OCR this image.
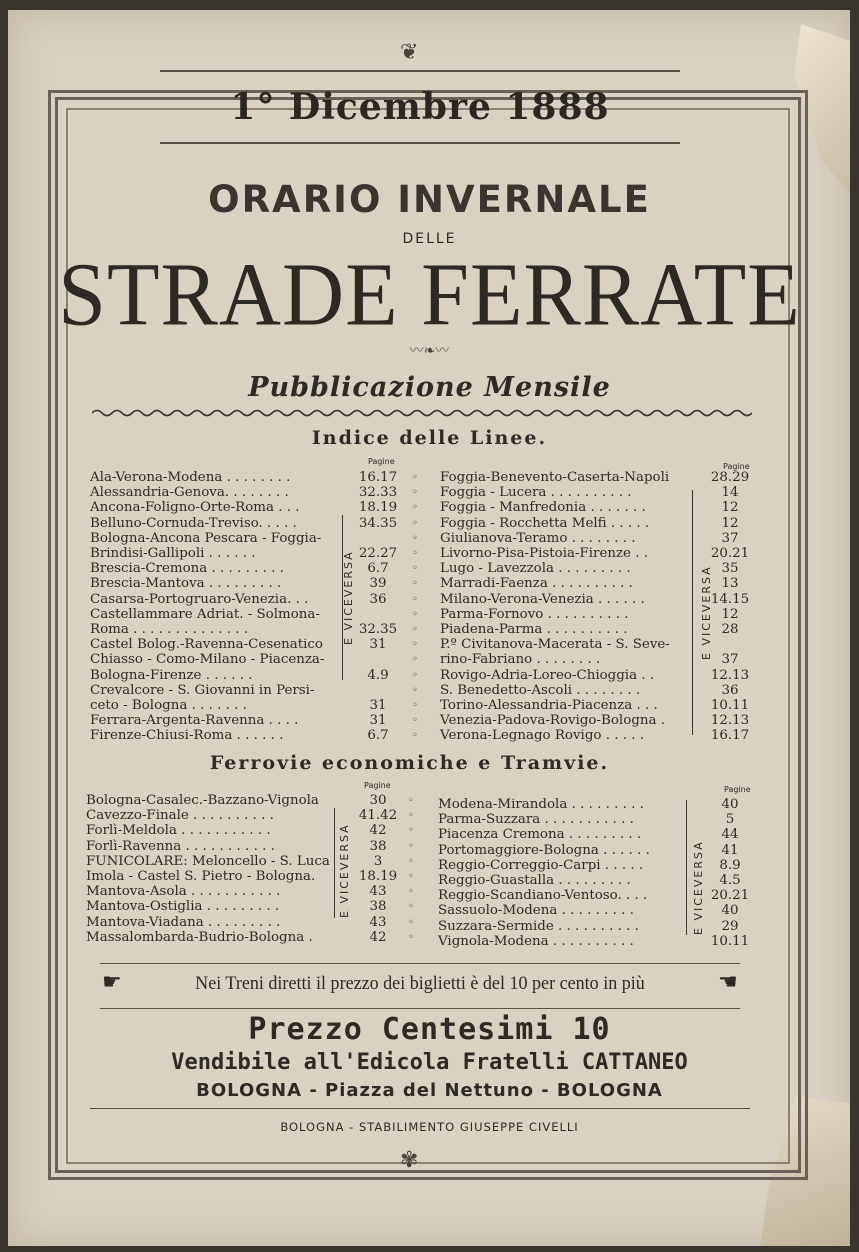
❦
1° Dicembre 1888
ORARIO INVERNALE
DELLE
STRADE FERRATE
〰❧〰
Pubblicazione Mensile
Indice delle Linee.
Pagine
Ala-Verona-Modena . . . . . . . .	16.17	◦
Alessandria-Genova. . . . . . . .	32.33	◦
Ancona-Foligno-Orte-Roma . . .	18.19	◦
Belluno-Cornuda-Treviso. . . . .	34.35	◦
Bologna-Ancona Pescara - Foggia-	◦
Brindisi-Gallipoli . . . . . .	22.27	◦
Brescia-Cremona . . . . . . . . .	6.7	◦
Brescia-Mantova . . . . . . . . .	39	◦
Casarsa-Portogruaro-Venezia. . .	36	◦
Castellammare Adriat. - Solmona-	◦
Roma . . . . . . . . . . . . . .	32.35	◦
Castel Bolog.-Ravenna-Cesenatico	31	◦
Chiasso - Como-Milano - Piacenza-	◦
Bologna-Firenze . . . . . .	4.9	◦
Crevalcore - S. Giovanni in Persi-	◦
ceto - Bologna . . . . . . .	31	◦
Ferrara-Argenta-Ravenna . . . .	31	◦
Firenze-Chiusi-Roma . . . . . .	6.7	◦
Pagine
Foggia-Benevento-Caserta-Napoli	28.29
Foggia - Lucera . . . . . . . . . .	14
Foggia - Manfredonia . . . . . . .	12
Foggia - Rocchetta Melfi . . . . .	12
Giulianova-Teramo . . . . . . . .	37
Livorno-Pisa-Pistoia-Firenze . .	20.21
Lugo - Lavezzola . . . . . . . . .	35
Marradi-Faenza . . . . . . . . . .	13
Milano-Verona-Venezia . . . . . .	14.15
Parma-Fornovo . . . . . . . . . .	12
Piadena-Parma . . . . . . . . . .	28
P.º Civitanova-Macerata - S. Seve-
rino-Fabriano . . . . . . . .	37
Rovigo-Adria-Loreo-Chioggia . .	12.13
S. Benedetto-Ascoli . . . . . . . .	36
Torino-Alessandria-Piacenza . . .	10.11
Venezia-Padova-Rovigo-Bologna .	12.13
Verona-Legnago Rovigo . . . . .	16.17
E VICEVERSA	E VICEVERSA
Ferrovie economiche e Tramvie.
Pagine
Bologna-Casalec.-Bazzano-Vignola	30	◦
Cavezzo-Finale . . . . . . . . . .	41.42	◦
Forlì-Meldola . . . . . . . . . . .	42	◦
Forlì-Ravenna . . . . . . . . . . .	38	◦
FUNICOLARE: Meloncello - S. Luca	3	◦
Imola - Castel S. Pietro - Bologna.	18.19	◦
Mantova-Asola . . . . . . . . . . .	43	◦
Mantova-Ostiglia . . . . . . . . .	38	◦
Mantova-Viadana . . . . . . . . .	43	◦
Massalombarda-Budrio-Bologna .	42	◦
Pagine
Modena-Mirandola . . . . . . . . .	40
Parma-Suzzara . . . . . . . . . . .	5
Piacenza Cremona . . . . . . . . .	44
Portomaggiore-Bologna . . . . . .	41
Reggio-Correggio-Carpi . . . . .	8.9
Reggio-Guastalla . . . . . . . . .	4.5
Reggio-Scandiano-Ventoso. . . .	20.21
Sassuolo-Modena . . . . . . . . .	40
Suzzara-Sermide . . . . . . . . . .	29
Vignola-Modena . . . . . . . . . .	10.11
E VICEVERSA	E VICEVERSA
☛	Nei Treni diretti il prezzo dei biglietti è del 10 per cento in più	☛
Prezzo Centesimi 10
Vendibile all'Edicola Fratelli CATTANEO
BOLOGNA - Piazza del Nettuno - BOLOGNA
BOLOGNA - STABILIMENTO GIUSEPPE CIVELLI
✾
